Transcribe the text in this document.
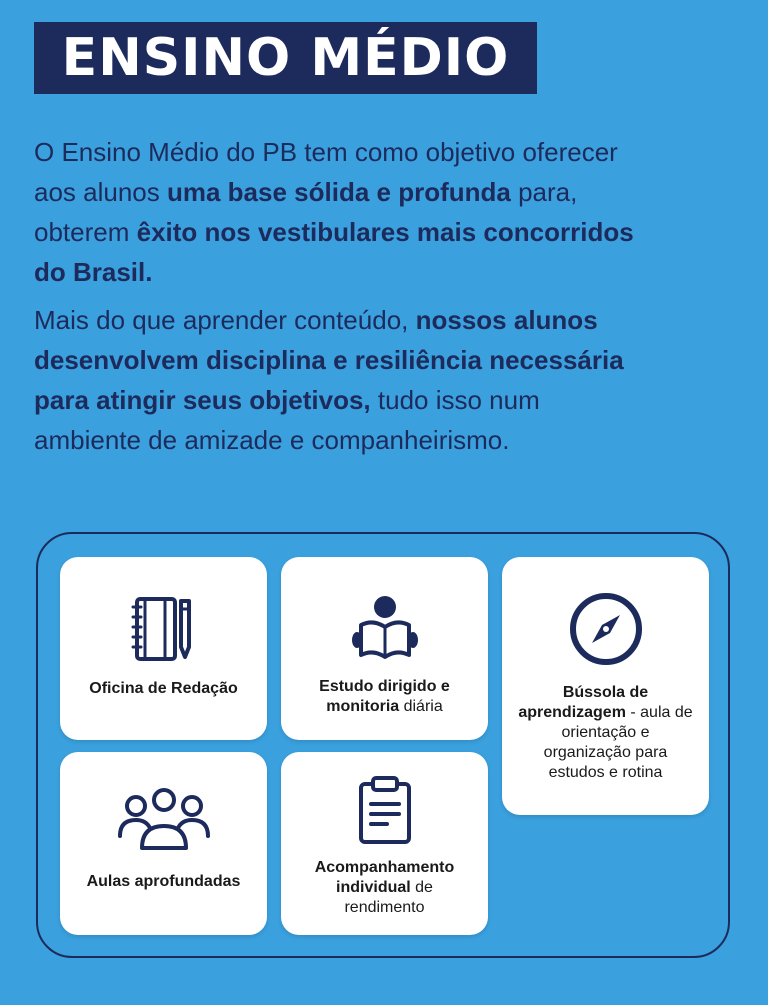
ENSINO MÉDIO

O Ensino Médio do PB tem como objetivo oferecer aos alunos uma base sólida e profunda para, obterem êxito nos vestibulares mais concorridos do Brasil.

Mais do que aprender conteúdo, nossos alunos desenvolvem disciplina e resiliência necessária para atingir seus objetivos, tudo isso num ambiente de amizade e companheirismo.

Oficina de Redação	Estudo dirigido e monitoria diária
Bússola de aprendizagem - aula de orientação e organização para estudos e rotina
Aulas aprofundadas
Acompanhamento individual de rendimento
